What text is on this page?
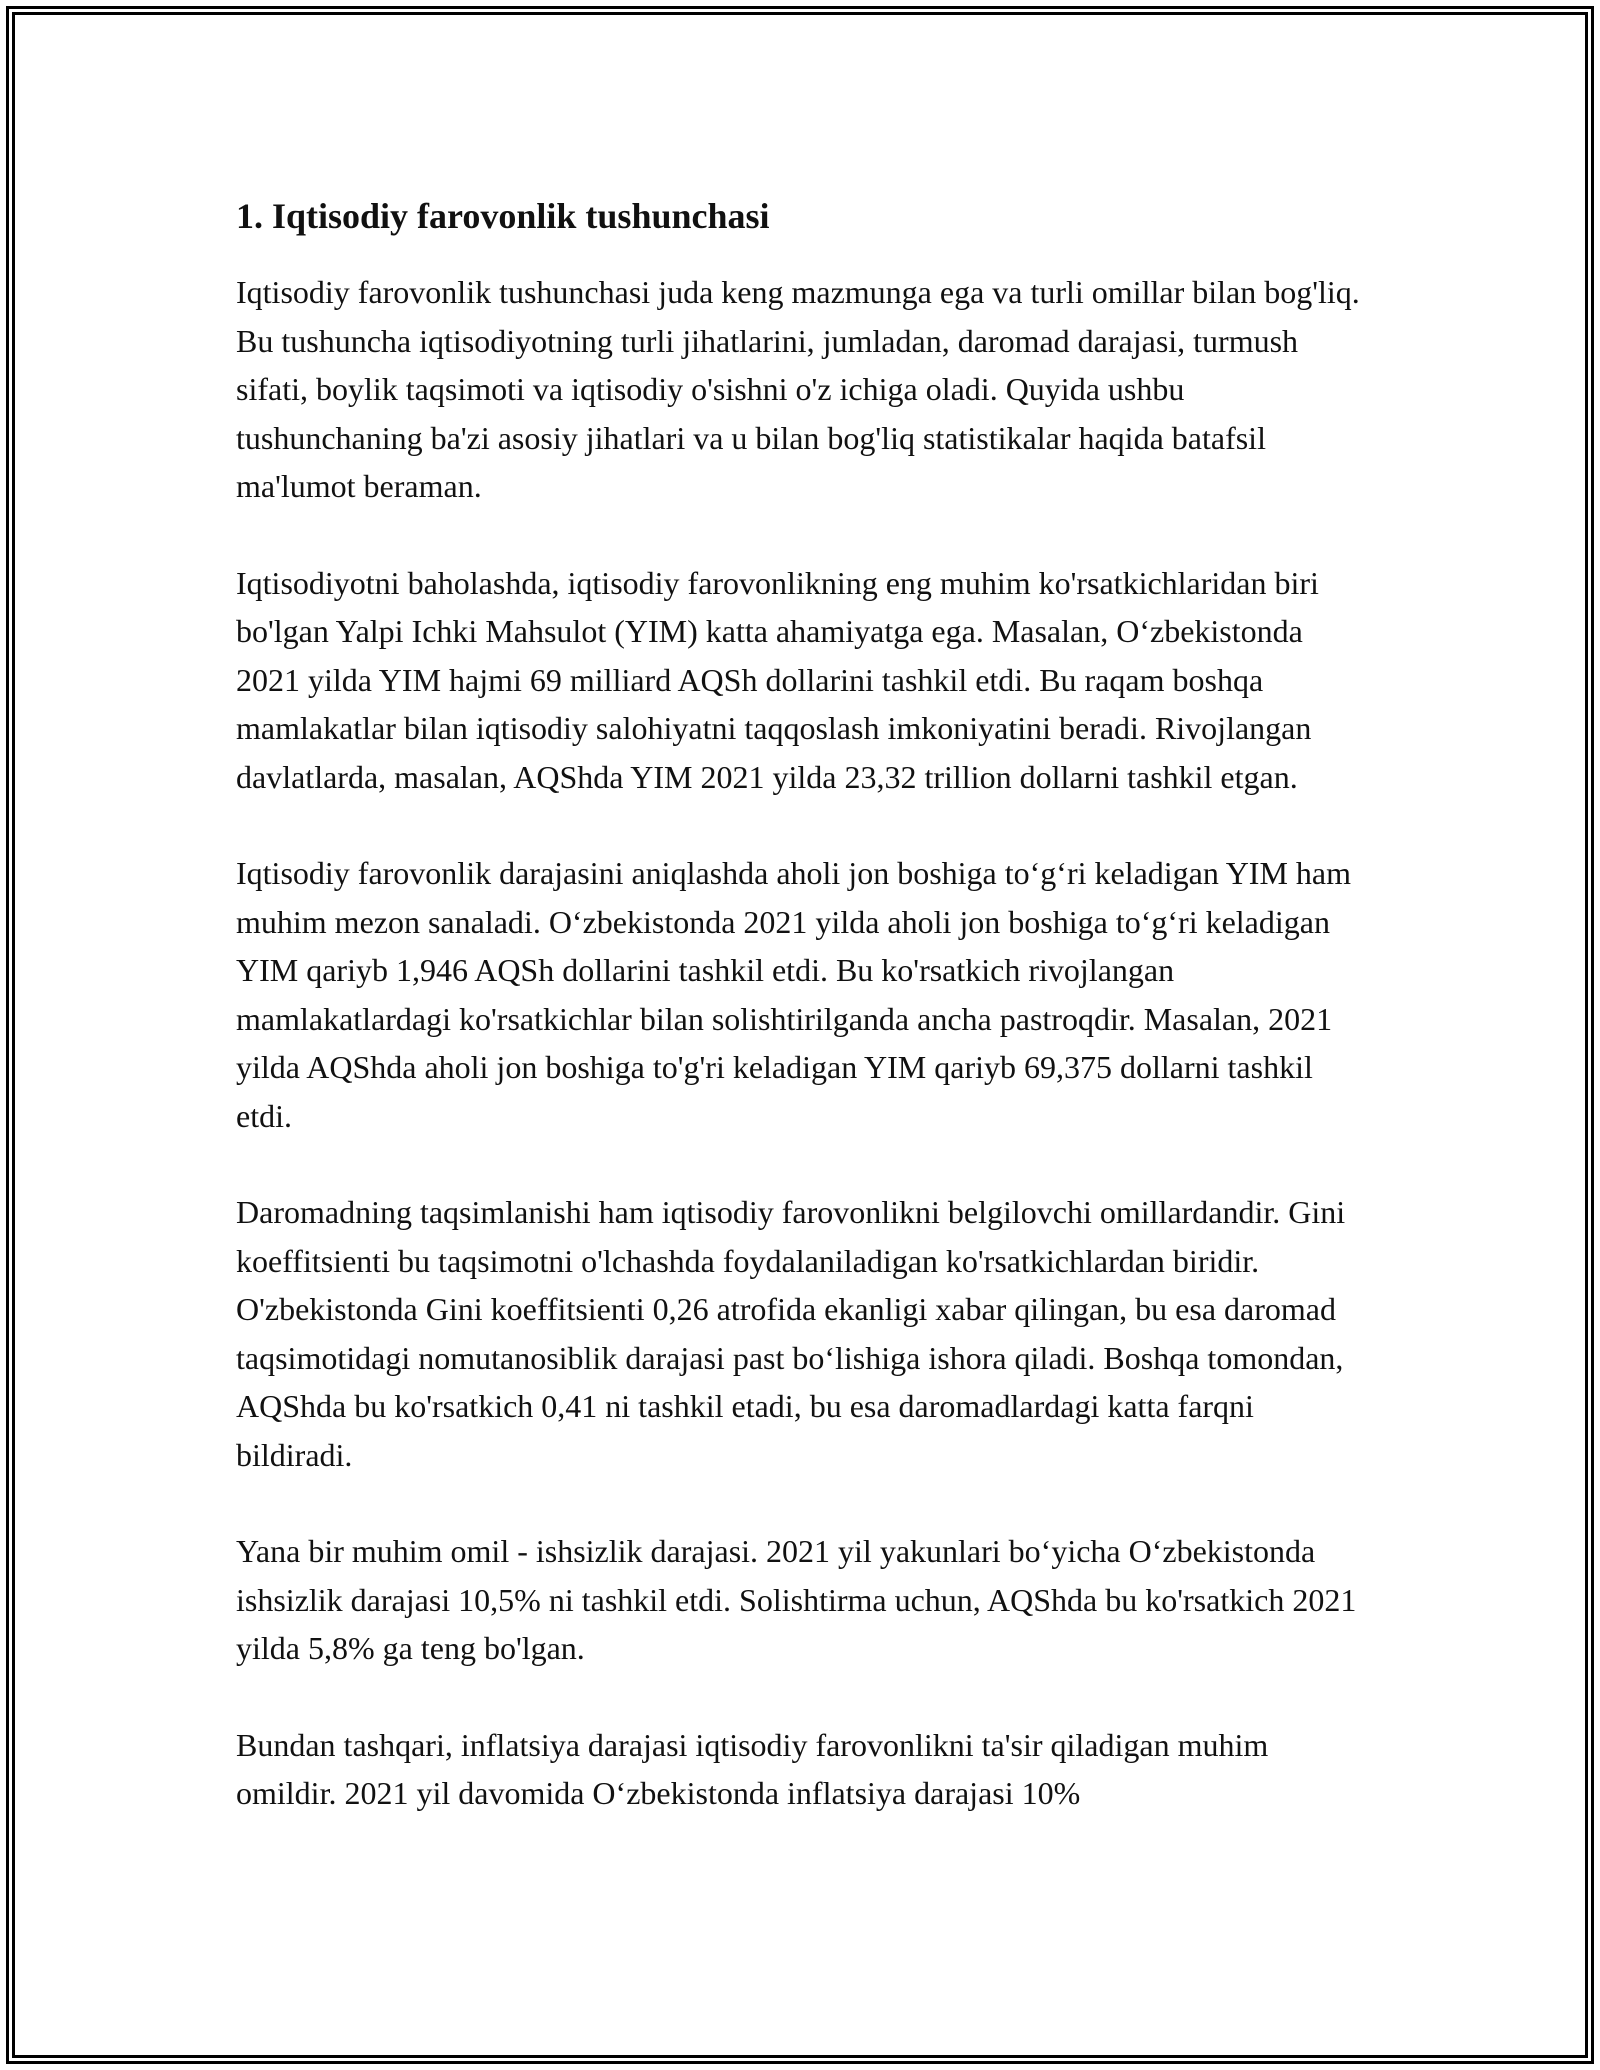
1. Iqtisodiy farovonlik tushunchasi

Iqtisodiy farovonlik tushunchasi juda keng mazmunga ega va turli omillar bilan bog'liq. Bu tushuncha iqtisodiyotning turli jihatlarini, jumladan, daromad darajasi, turmush sifati, boylik taqsimoti va iqtisodiy o'sishni o'z ichiga oladi. Quyida ushbu tushunchaning ba'zi asosiy jihatlari va u bilan bog'liq statistikalar haqida batafsil ma'lumot beraman.

Iqtisodiyotni baholashda, iqtisodiy farovonlikning eng muhim ko'rsatkichlaridan biri bo'lgan Yalpi Ichki Mahsulot (YIM) katta ahamiyatga ega. Masalan, O‘zbekistonda 2021 yilda YIM hajmi 69 milliard AQSh dollarini tashkil etdi. Bu raqam boshqa mamlakatlar bilan iqtisodiy salohiyatni taqqoslash imkoniyatini beradi. Rivojlangan davlatlarda, masalan, AQShda YIM 2021 yilda 23,32 trillion dollarni tashkil etgan.

Iqtisodiy farovonlik darajasini aniqlashda aholi jon boshiga to‘g‘ri keladigan YIM ham muhim mezon sanaladi. O‘zbekistonda 2021 yilda aholi jon boshiga to‘g‘ri keladigan YIM qariyb 1,946 AQSh dollarini tashkil etdi. Bu ko'rsatkich rivojlangan mamlakatlardagi ko'rsatkichlar bilan solishtirilganda ancha pastroqdir. Masalan, 2021 yilda AQShda aholi jon boshiga to'g'ri keladigan YIM qariyb 69,375 dollarni tashkil etdi.

Daromadning taqsimlanishi ham iqtisodiy farovonlikni belgilovchi omillardandir. Gini koeffitsienti bu taqsimotni o'lchashda foydalaniladigan ko'rsatkichlardan biridir. O'zbekistonda Gini koeffitsienti 0,26 atrofida ekanligi xabar qilingan, bu esa daromad taqsimotidagi nomutanosiblik darajasi past bo‘lishiga ishora qiladi. Boshqa tomondan, AQShda bu ko'rsatkich 0,41 ni tashkil etadi, bu esa daromadlardagi katta farqni bildiradi.

Yana bir muhim omil - ishsizlik darajasi. 2021 yil yakunlari bo‘yicha O‘zbekistonda ishsizlik darajasi 10,5% ni tashkil etdi. Solishtirma uchun, AQShda bu ko'rsatkich 2021 yilda 5,8% ga teng bo'lgan.

Bundan tashqari, inflatsiya darajasi iqtisodiy farovonlikni ta'sir qiladigan muhim omildir. 2021 yil davomida O‘zbekistonda inflatsiya darajasi 10%
